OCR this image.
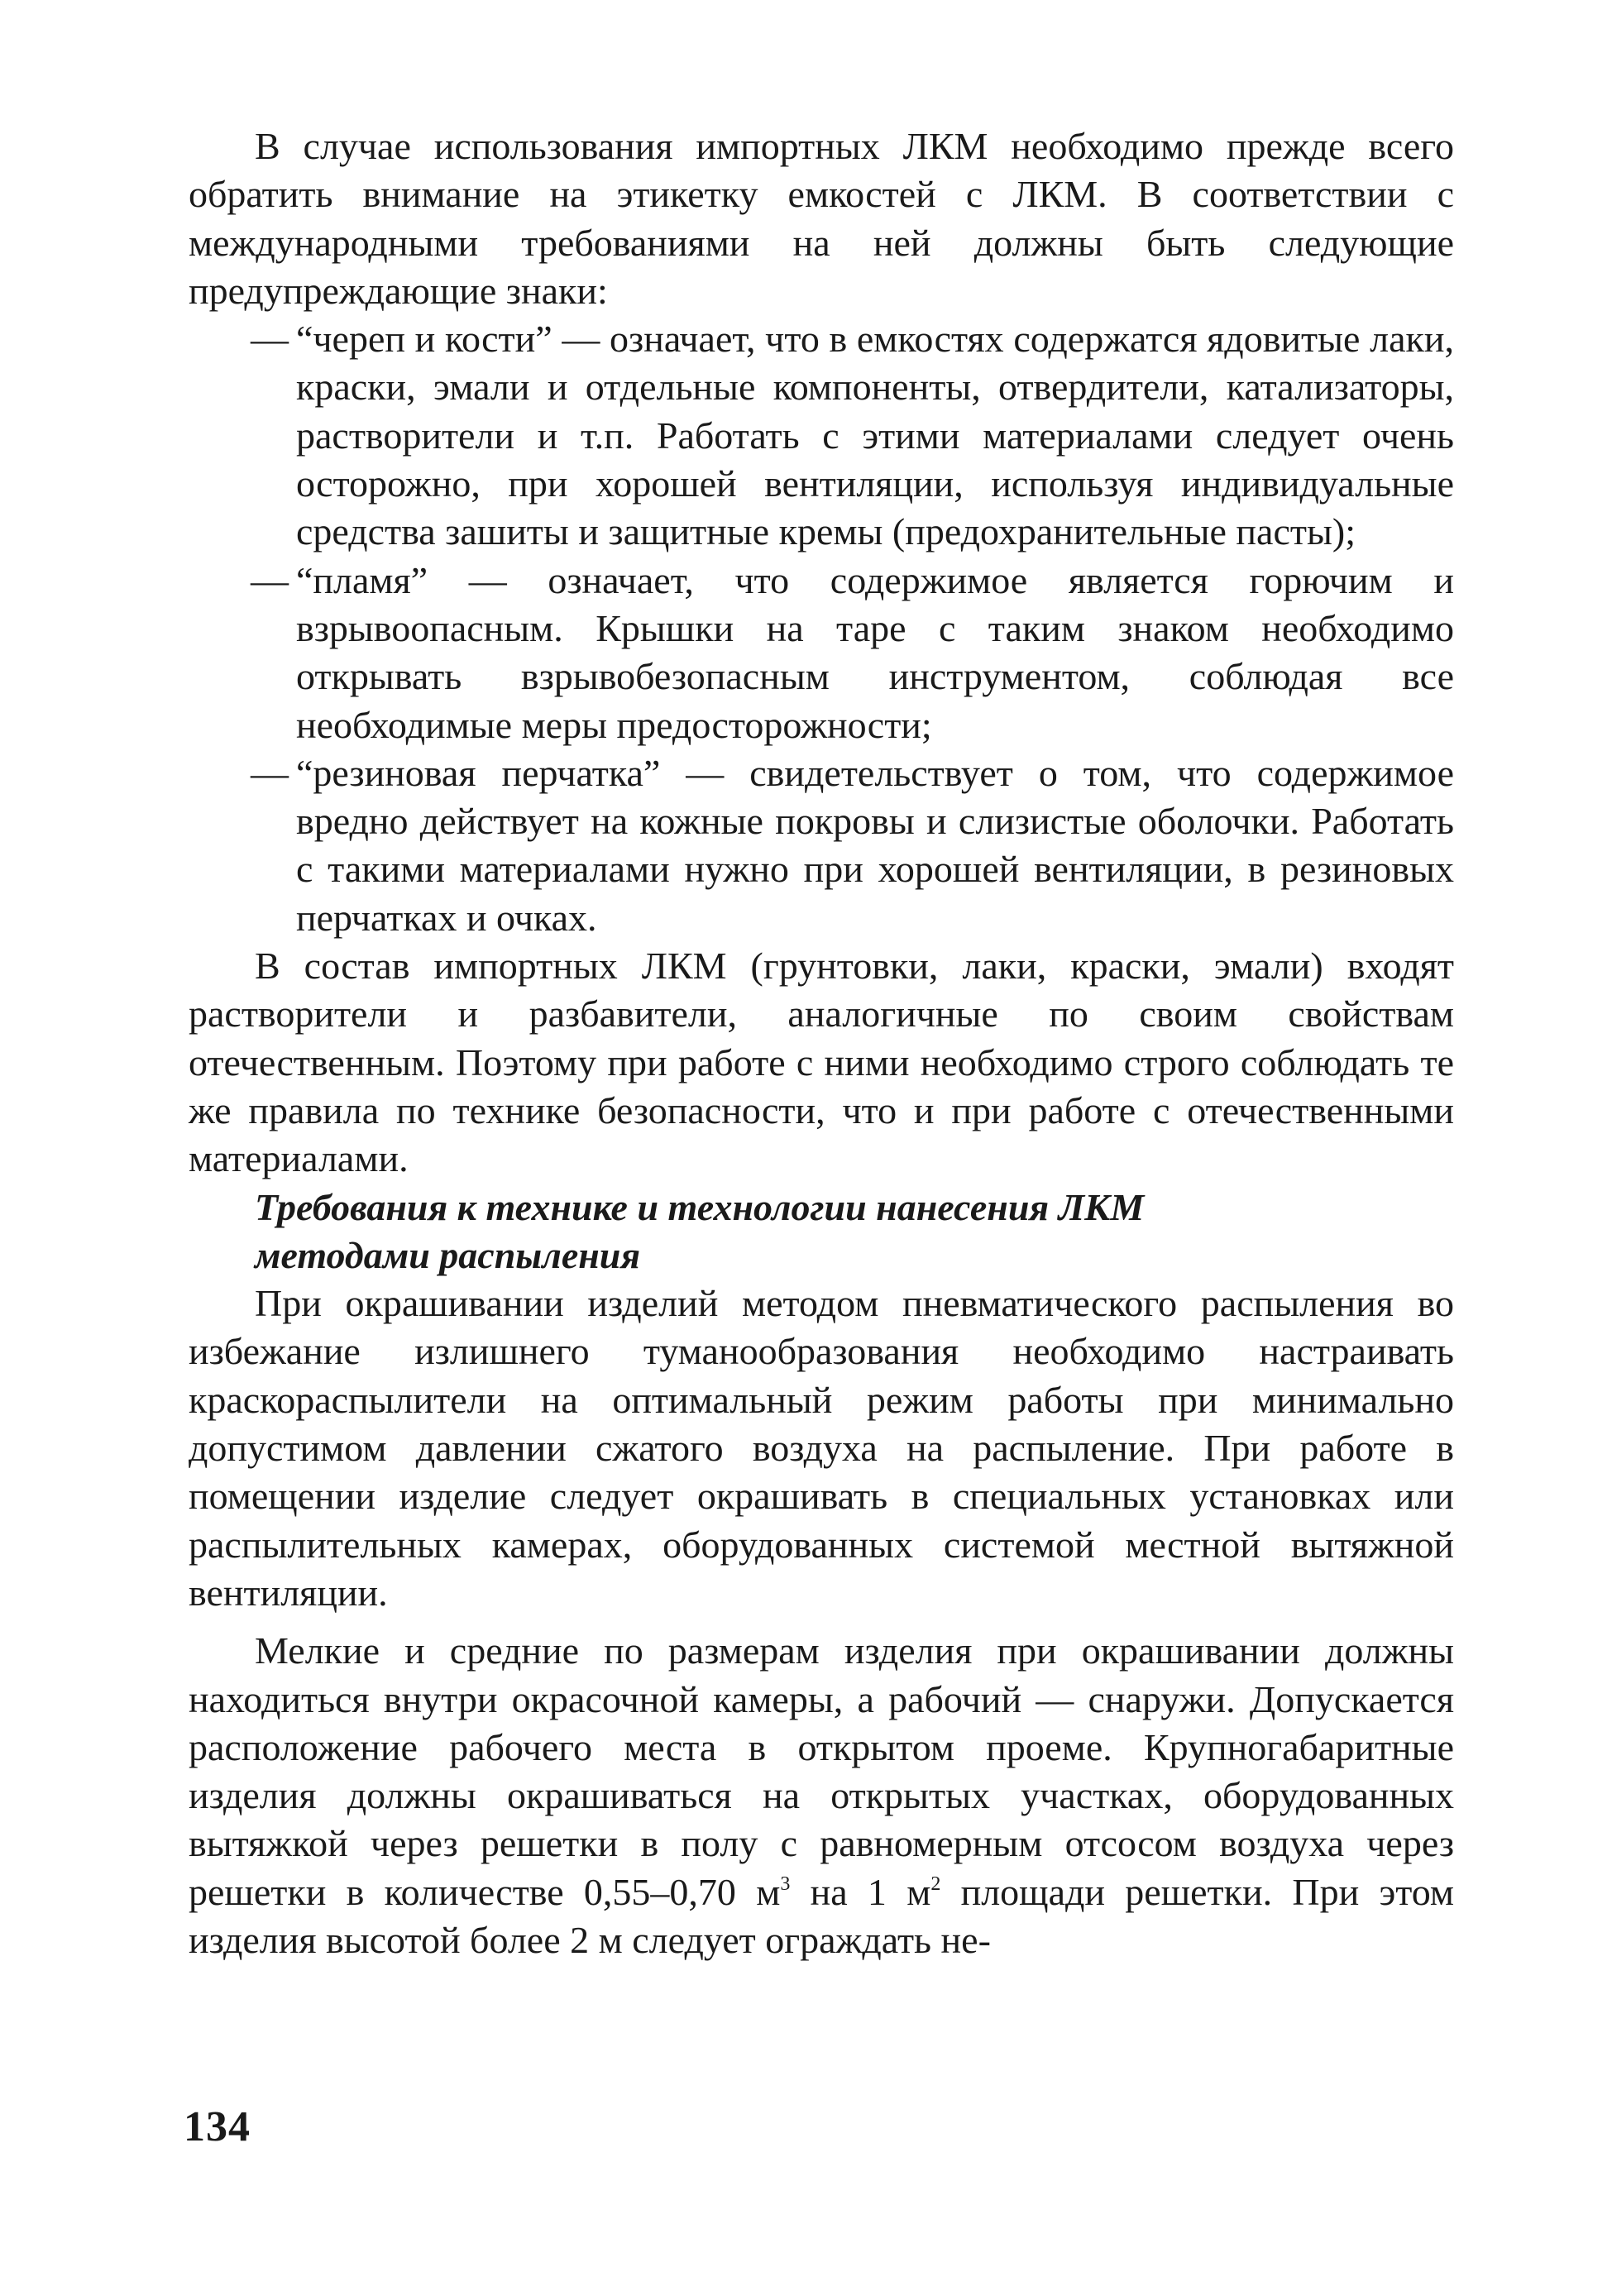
В случае использования импортных ЛКМ необходимо прежде всего обратить внимание на этикетку емкостей с ЛКМ. В соответствии с международными требованиями на ней должны быть следующие предупреждающие знаки:

— “череп и кости” — означает, что в емкостях содержатся ядовитые лаки, краски, эмали и отдельные компоненты, отвердители, катализаторы, растворители и т.п. Работать с этими материалами следует очень осторожно, при хорошей вентиляции, используя индивидуальные средства зашиты и защитные кремы (предохранительные пасты);
— “пламя” — означает, что содержимое является горючим и взрывоопасным. Крышки на таре с таким знаком необходимо открывать взрывобезопасным инструментом, соблюдая все необходимые меры предосторожности;
— “резиновая перчатка” — свидетельствует о том, что содержимое вредно действует на кожные покровы и слизистые оболочки. Работать с такими материалами нужно при хорошей вентиляции, в резиновых перчатках и очках.

В состав импортных ЛКМ (грунтовки, лаки, краски, эмали) входят растворители и разбавители, аналогичные по своим свойствам отечественным. Поэтому при работе с ними необходимо строго соблюдать те же правила по технике безопасности, что и при работе с отечественными материалами.

Требования к технике и технологии нанесения ЛКМ
методами распыления

При окрашивании изделий методом пневматического распыления во избежание излишнего туманообразования необходимо настраивать краскораспылители на оптимальный режим работы при минимально допустимом давлении сжатого воздуха на распыление. При работе в помещении изделие следует окрашивать в специальных установках или распылительных камерах, оборудованных системой местной вытяжной вентиляции.

Мелкие и средние по размерам изделия при окрашивании должны находиться внутри окрасочной камеры, а рабочий — снаружи. Допускается расположение рабочего места в открытом проеме. Крупногабаритные изделия должны окрашиваться на открытых участках, оборудованных вытяжкой через решетки в полу с равномерным отсосом воздуха через решетки в количестве 0,55–0,70 $м^3$ на 1 $м^2$ площади решетки. При этом изделия высотой более 2 м следует ограждать не-

134
